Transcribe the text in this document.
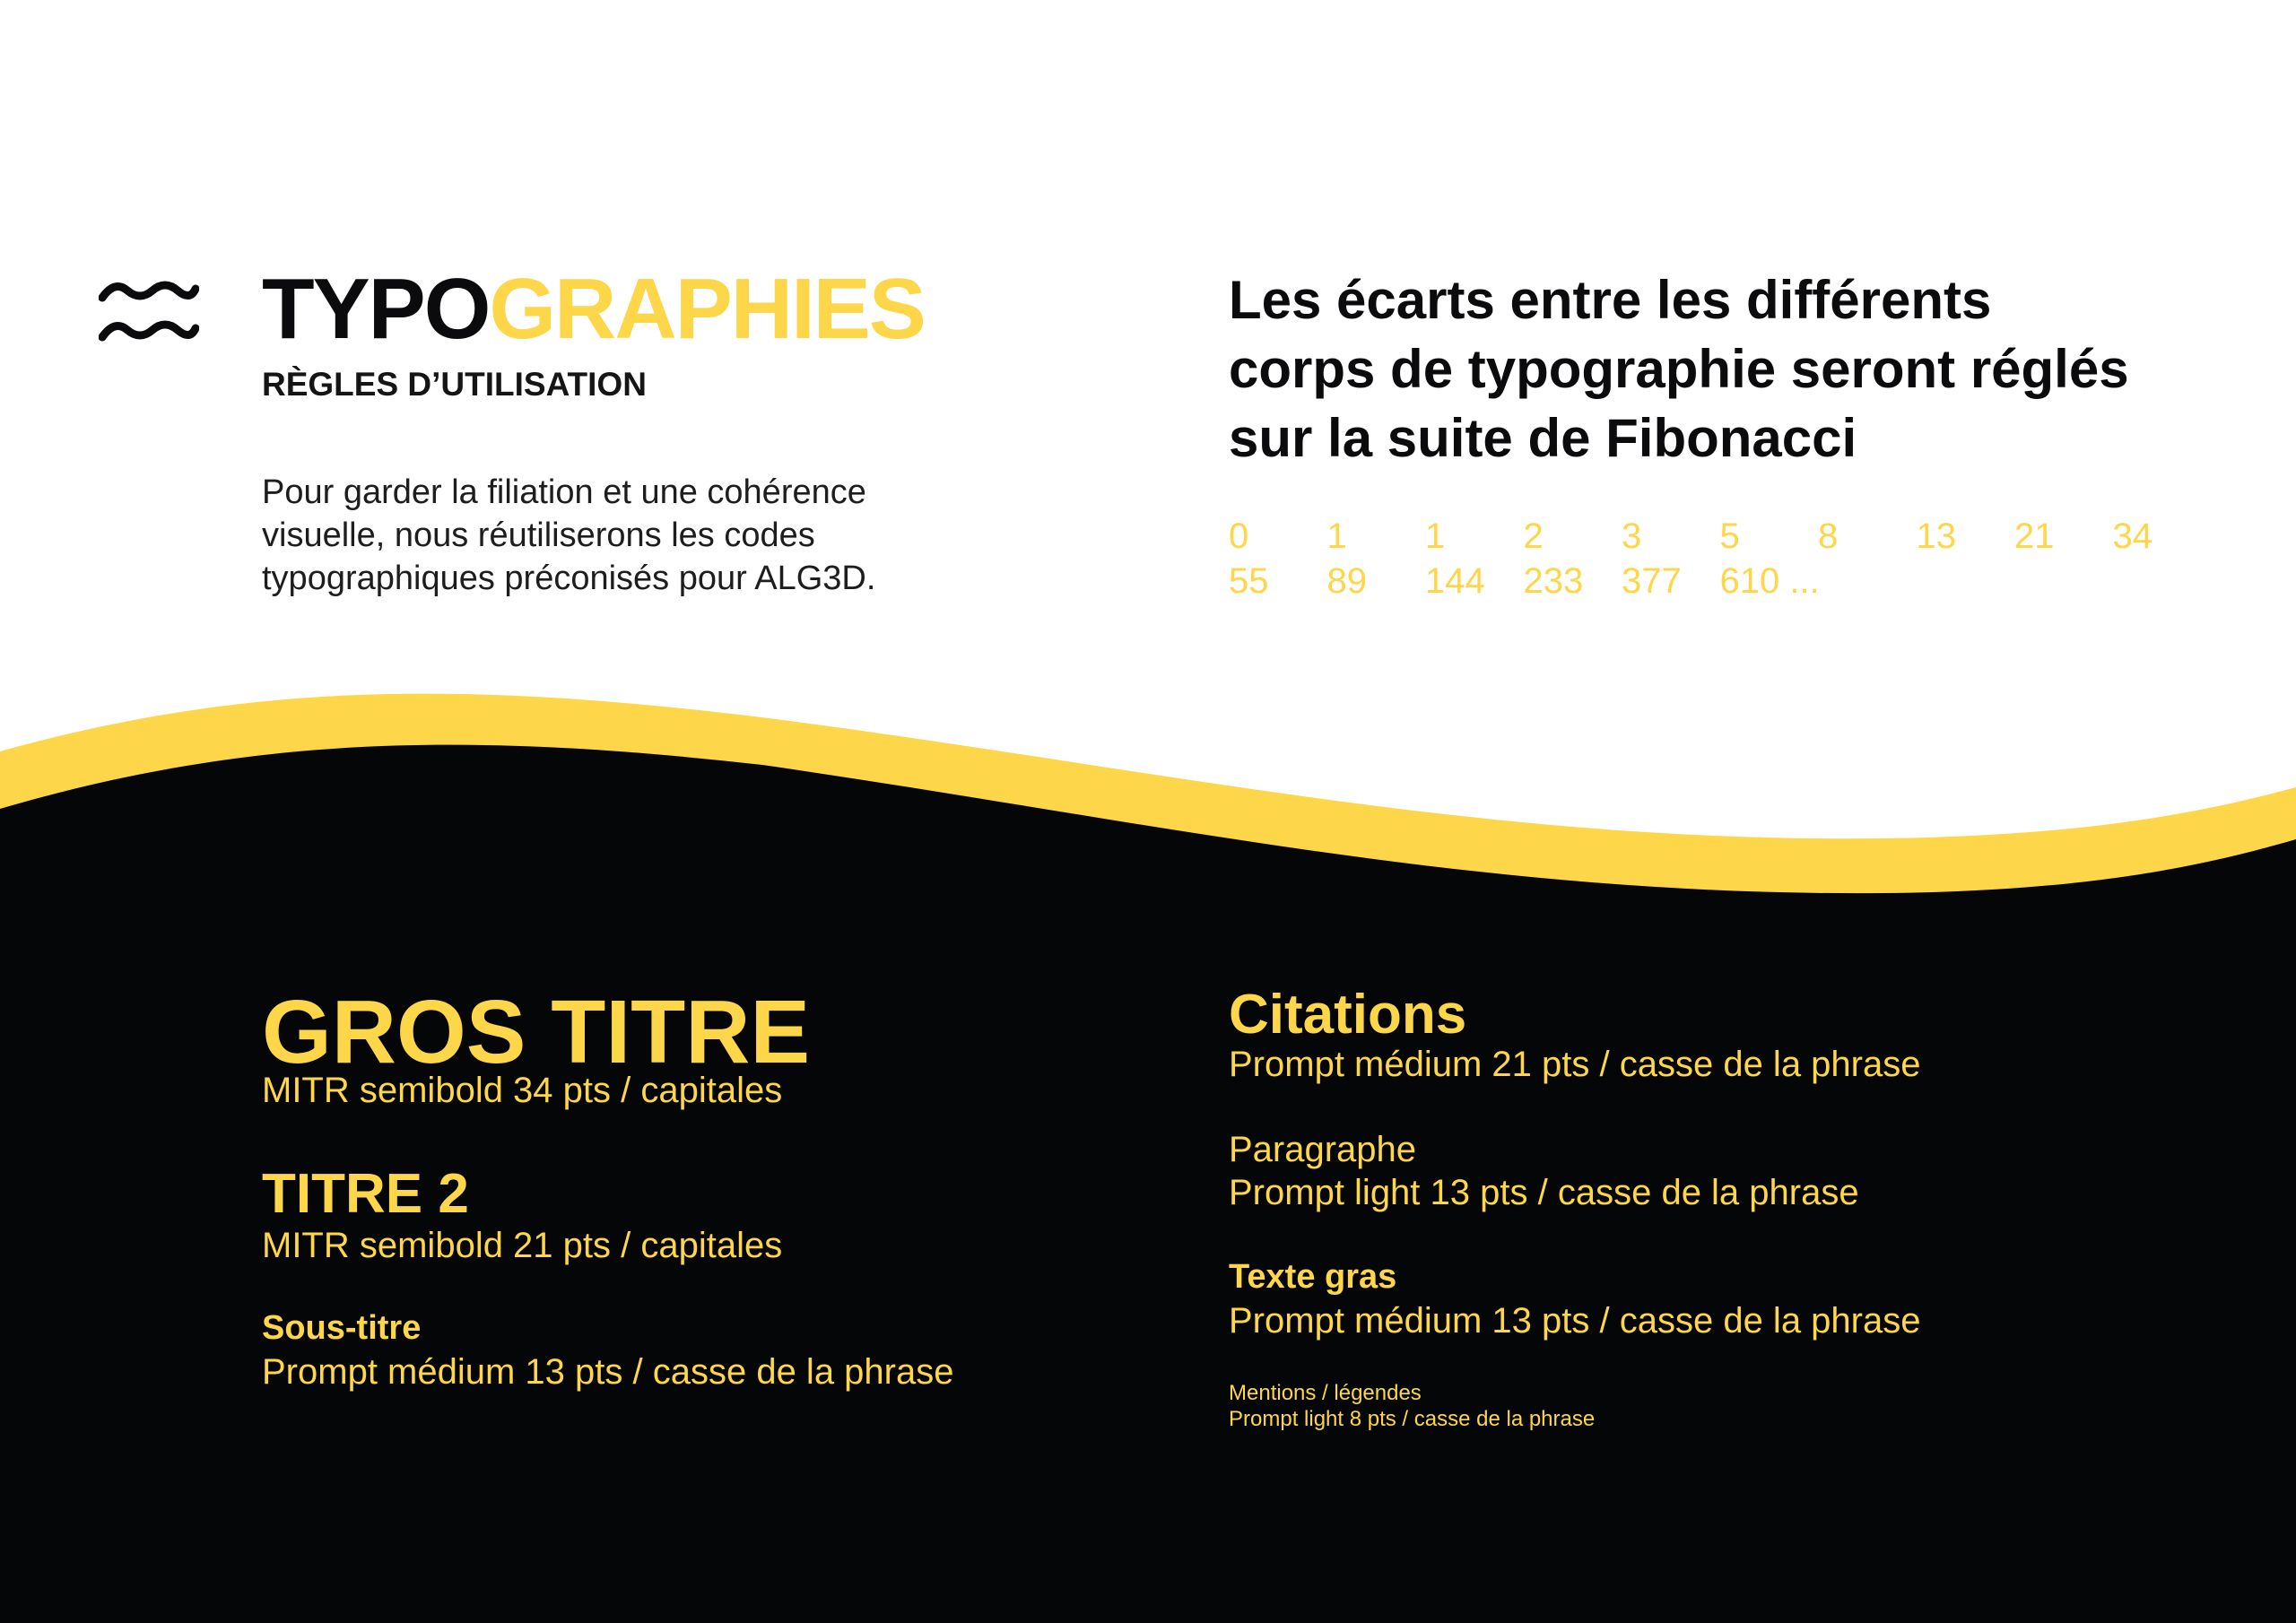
TYPOGRAPHIES
RÈGLES D’UTILISATION
Pour garder la filiation et une cohérence
visuelle, nous réutiliserons les codes
typographiques préconisés pour ALG3D.
Les écarts entre les différents
corps de typographie seront réglés
sur la suite de Fibonacci
0	1	1	2	3	5	8	13	21	34
55	89	144	233	377	610 ...
GROS TITRE
MITR semibold 34 pts / capitales
TITRE 2
MITR semibold 21 pts / capitales
Sous-titre
Prompt médium 13 pts / casse de la phrase
Citations
Prompt médium 21 pts / casse de la phrase
Paragraphe
Prompt light 13 pts / casse de la phrase
Texte gras
Prompt médium 13 pts / casse de la phrase
Mentions / légendes
Prompt light 8 pts / casse de la phrase
